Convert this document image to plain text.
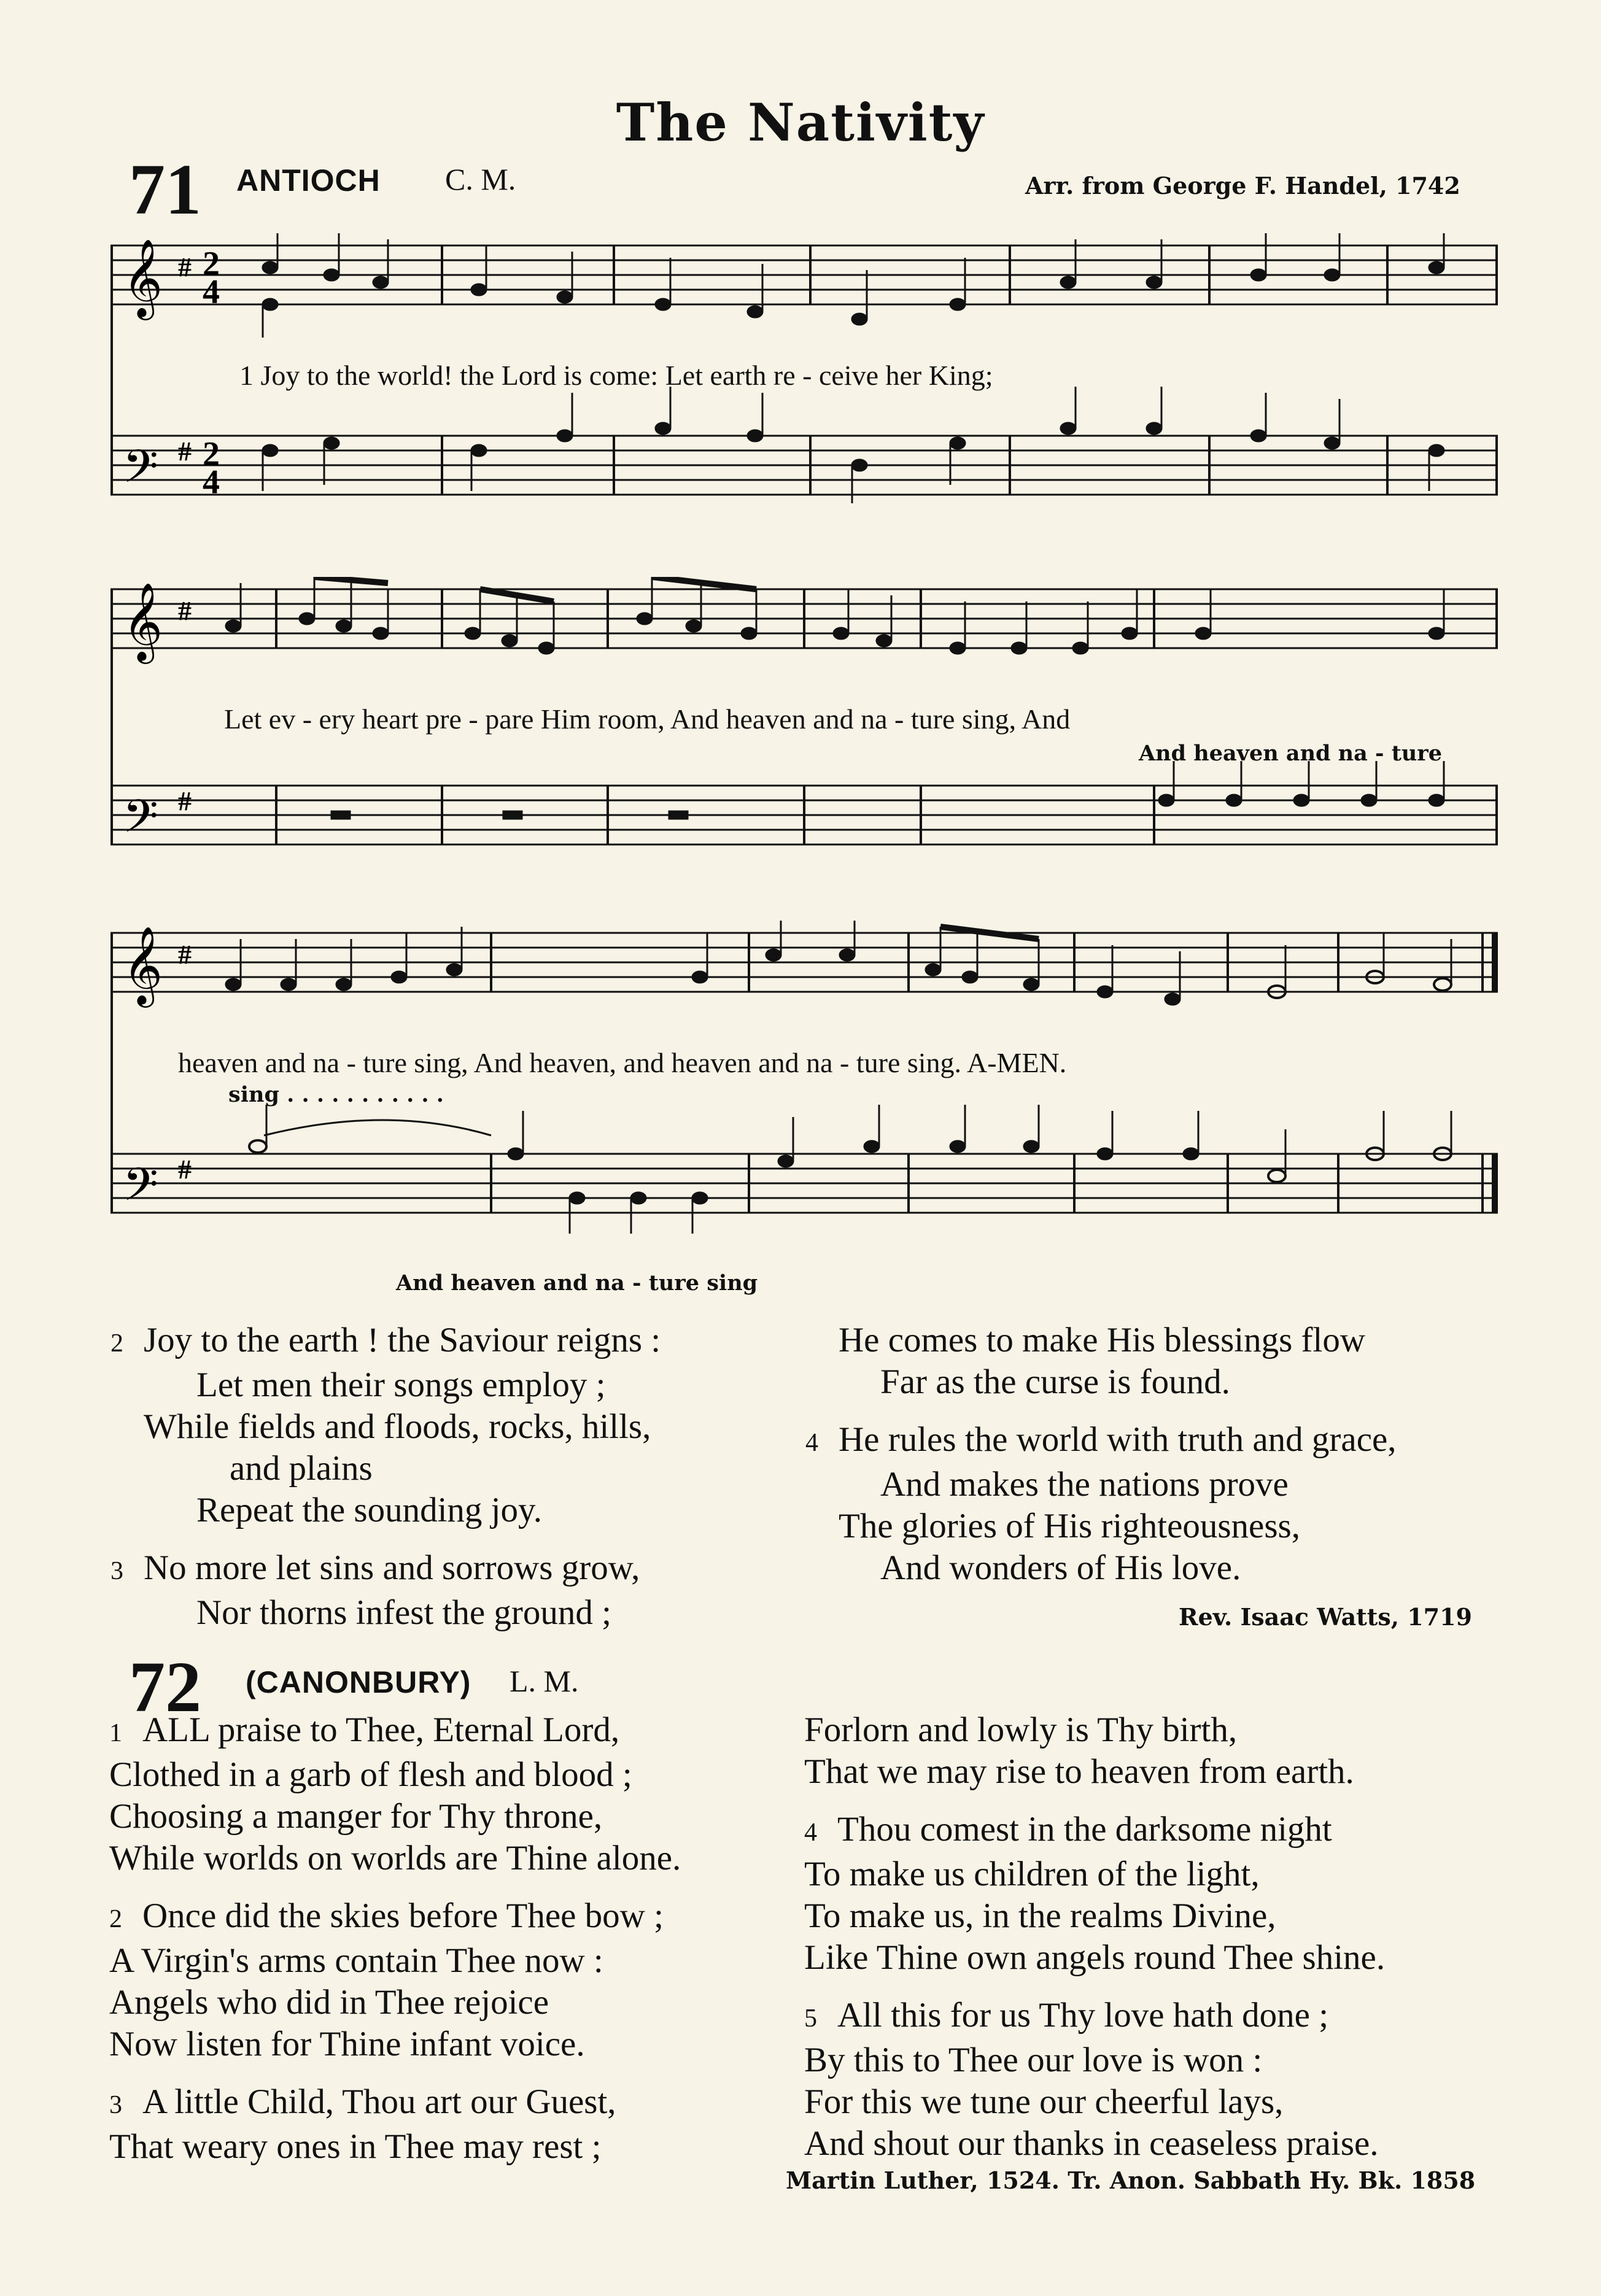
The Nativity
71 ANTIOCH C. M.	Arr. from George F. Handel, 1742
𝄞
𝄢
#
#
2
4
2
4
1 Joy to the world! the Lord is come: Let earth re - ceive her King;
𝄞
𝄢
#
#
Let ev - ery heart pre - pare Him room, And heaven and na - ture sing, And
And heaven and na - ture
𝄞
𝄢
#
#
heaven and na - ture sing, And heaven, and heaven and na - ture sing. A-MEN.
sing . . . . . . . . . . .
And heaven and na - ture sing
2 Joy to the earth ! the Saviour reigns :
Let men their songs employ ;
While fields and floods, rocks, hills,
and plains
Repeat the sounding joy.
3 No more let sins and sorrows grow,
Nor thorns infest the ground ;
He comes to make His blessings flow
Far as the curse is found.
4 He rules the world with truth and grace,
And makes the nations prove
The glories of His righteousness,
And wonders of His love.
Rev. Isaac Watts, 1719
72 (CANONBURY) L. M.
1 ALL praise to Thee, Eternal Lord,
Clothed in a garb of flesh and blood ;
Choosing a manger for Thy throne,
While worlds on worlds are Thine alone.
2 Once did the skies before Thee bow ;
A Virgin's arms contain Thee now :
Angels who did in Thee rejoice
Now listen for Thine infant voice.
3 A little Child, Thou art our Guest,
That weary ones in Thee may rest ;
Forlorn and lowly is Thy birth,
That we may rise to heaven from earth.
4 Thou comest in the darksome night
To make us children of the light,
To make us, in the realms Divine,
Like Thine own angels round Thee shine.
5 All this for us Thy love hath done ;
By this to Thee our love is won :
For this we tune our cheerful lays,
And shout our thanks in ceaseless praise.
Martin Luther, 1524. Tr. Anon. Sabbath Hy. Bk. 1858
